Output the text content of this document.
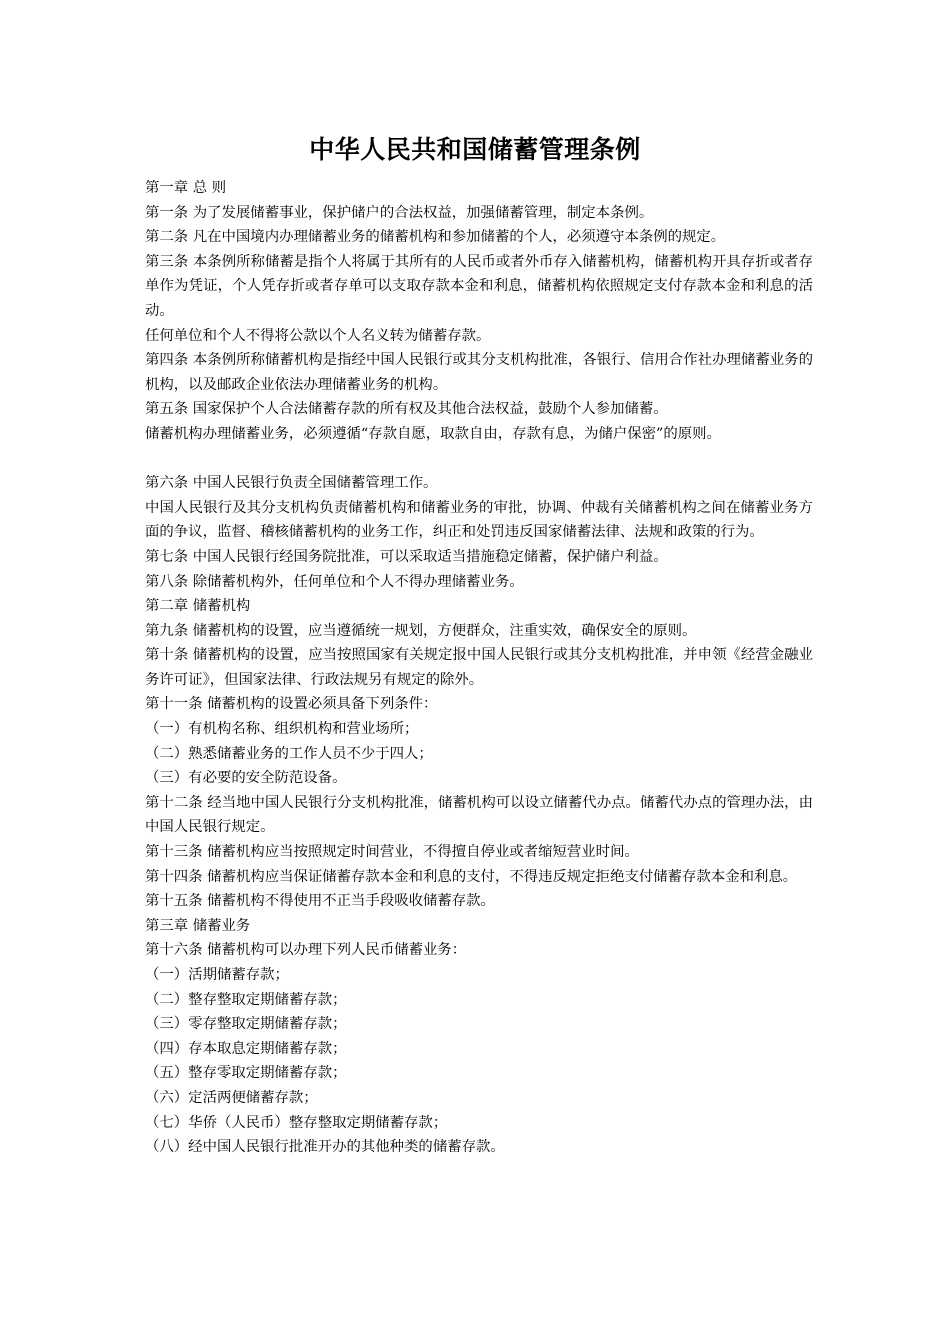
中华人民共和国储蓄管理条例

第一章 总 则

第一条 为了发展储蓄事业，保护储户的合法权益，加强储蓄管理，制定本条例。

第二条 凡在中国境内办理储蓄业务的储蓄机构和参加储蓄的个人，必须遵守本条例的规定。

第三条 本条例所称储蓄是指个人将属于其所有的人民币或者外币存入储蓄机构，储蓄机构开具存折或者存单作为凭证，个人凭存折或者存单可以支取存款本金和利息，储蓄机构依照规定支付存款本金和利息的活动。

任何单位和个人不得将公款以个人名义转为储蓄存款。

第四条 本条例所称储蓄机构是指经中国人民银行或其分支机构批准，各银行、信用合作社办理储蓄业务的机构，以及邮政企业依法办理储蓄业务的机构。

第五条 国家保护个人合法储蓄存款的所有权及其他合法权益，鼓励个人参加储蓄。

储蓄机构办理储蓄业务，必须遵循“存款自愿，取款自由，存款有息，为储户保密”的原则。

第六条 中国人民银行负责全国储蓄管理工作。

中国人民银行及其分支机构负责储蓄机构和储蓄业务的审批，协调、仲裁有关储蓄机构之间在储蓄业务方面的争议，监督、稽核储蓄机构的业务工作，纠正和处罚违反国家储蓄法律、法规和政策的行为。

第七条 中国人民银行经国务院批准，可以采取适当措施稳定储蓄，保护储户利益。

第八条 除储蓄机构外，任何单位和个人不得办理储蓄业务。

第二章 储蓄机构

第九条 储蓄机构的设置，应当遵循统一规划，方便群众，注重实效，确保安全的原则。

第十条 储蓄机构的设置，应当按照国家有关规定报中国人民银行或其分支机构批准，并申领《经营金融业务许可证》，但国家法律、行政法规另有规定的除外。

第十一条 储蓄机构的设置必须具备下列条件：

（一）有机构名称、组织机构和营业场所；

（二）熟悉储蓄业务的工作人员不少于四人；

（三）有必要的安全防范设备。

第十二条 经当地中国人民银行分支机构批准，储蓄机构可以设立储蓄代办点。储蓄代办点的管理办法，由中国人民银行规定。

第十三条 储蓄机构应当按照规定时间营业，不得擅自停业或者缩短营业时间。

第十四条 储蓄机构应当保证储蓄存款本金和利息的支付，不得违反规定拒绝支付储蓄存款本金和利息。

第十五条 储蓄机构不得使用不正当手段吸收储蓄存款。

第三章 储蓄业务

第十六条 储蓄机构可以办理下列人民币储蓄业务：

（一）活期储蓄存款；

（二）整存整取定期储蓄存款；

（三）零存整取定期储蓄存款；

（四）存本取息定期储蓄存款；

（五）整存零取定期储蓄存款；

（六）定活两便储蓄存款；

（七）华侨（人民币）整存整取定期储蓄存款；

（八）经中国人民银行批准开办的其他种类的储蓄存款。
